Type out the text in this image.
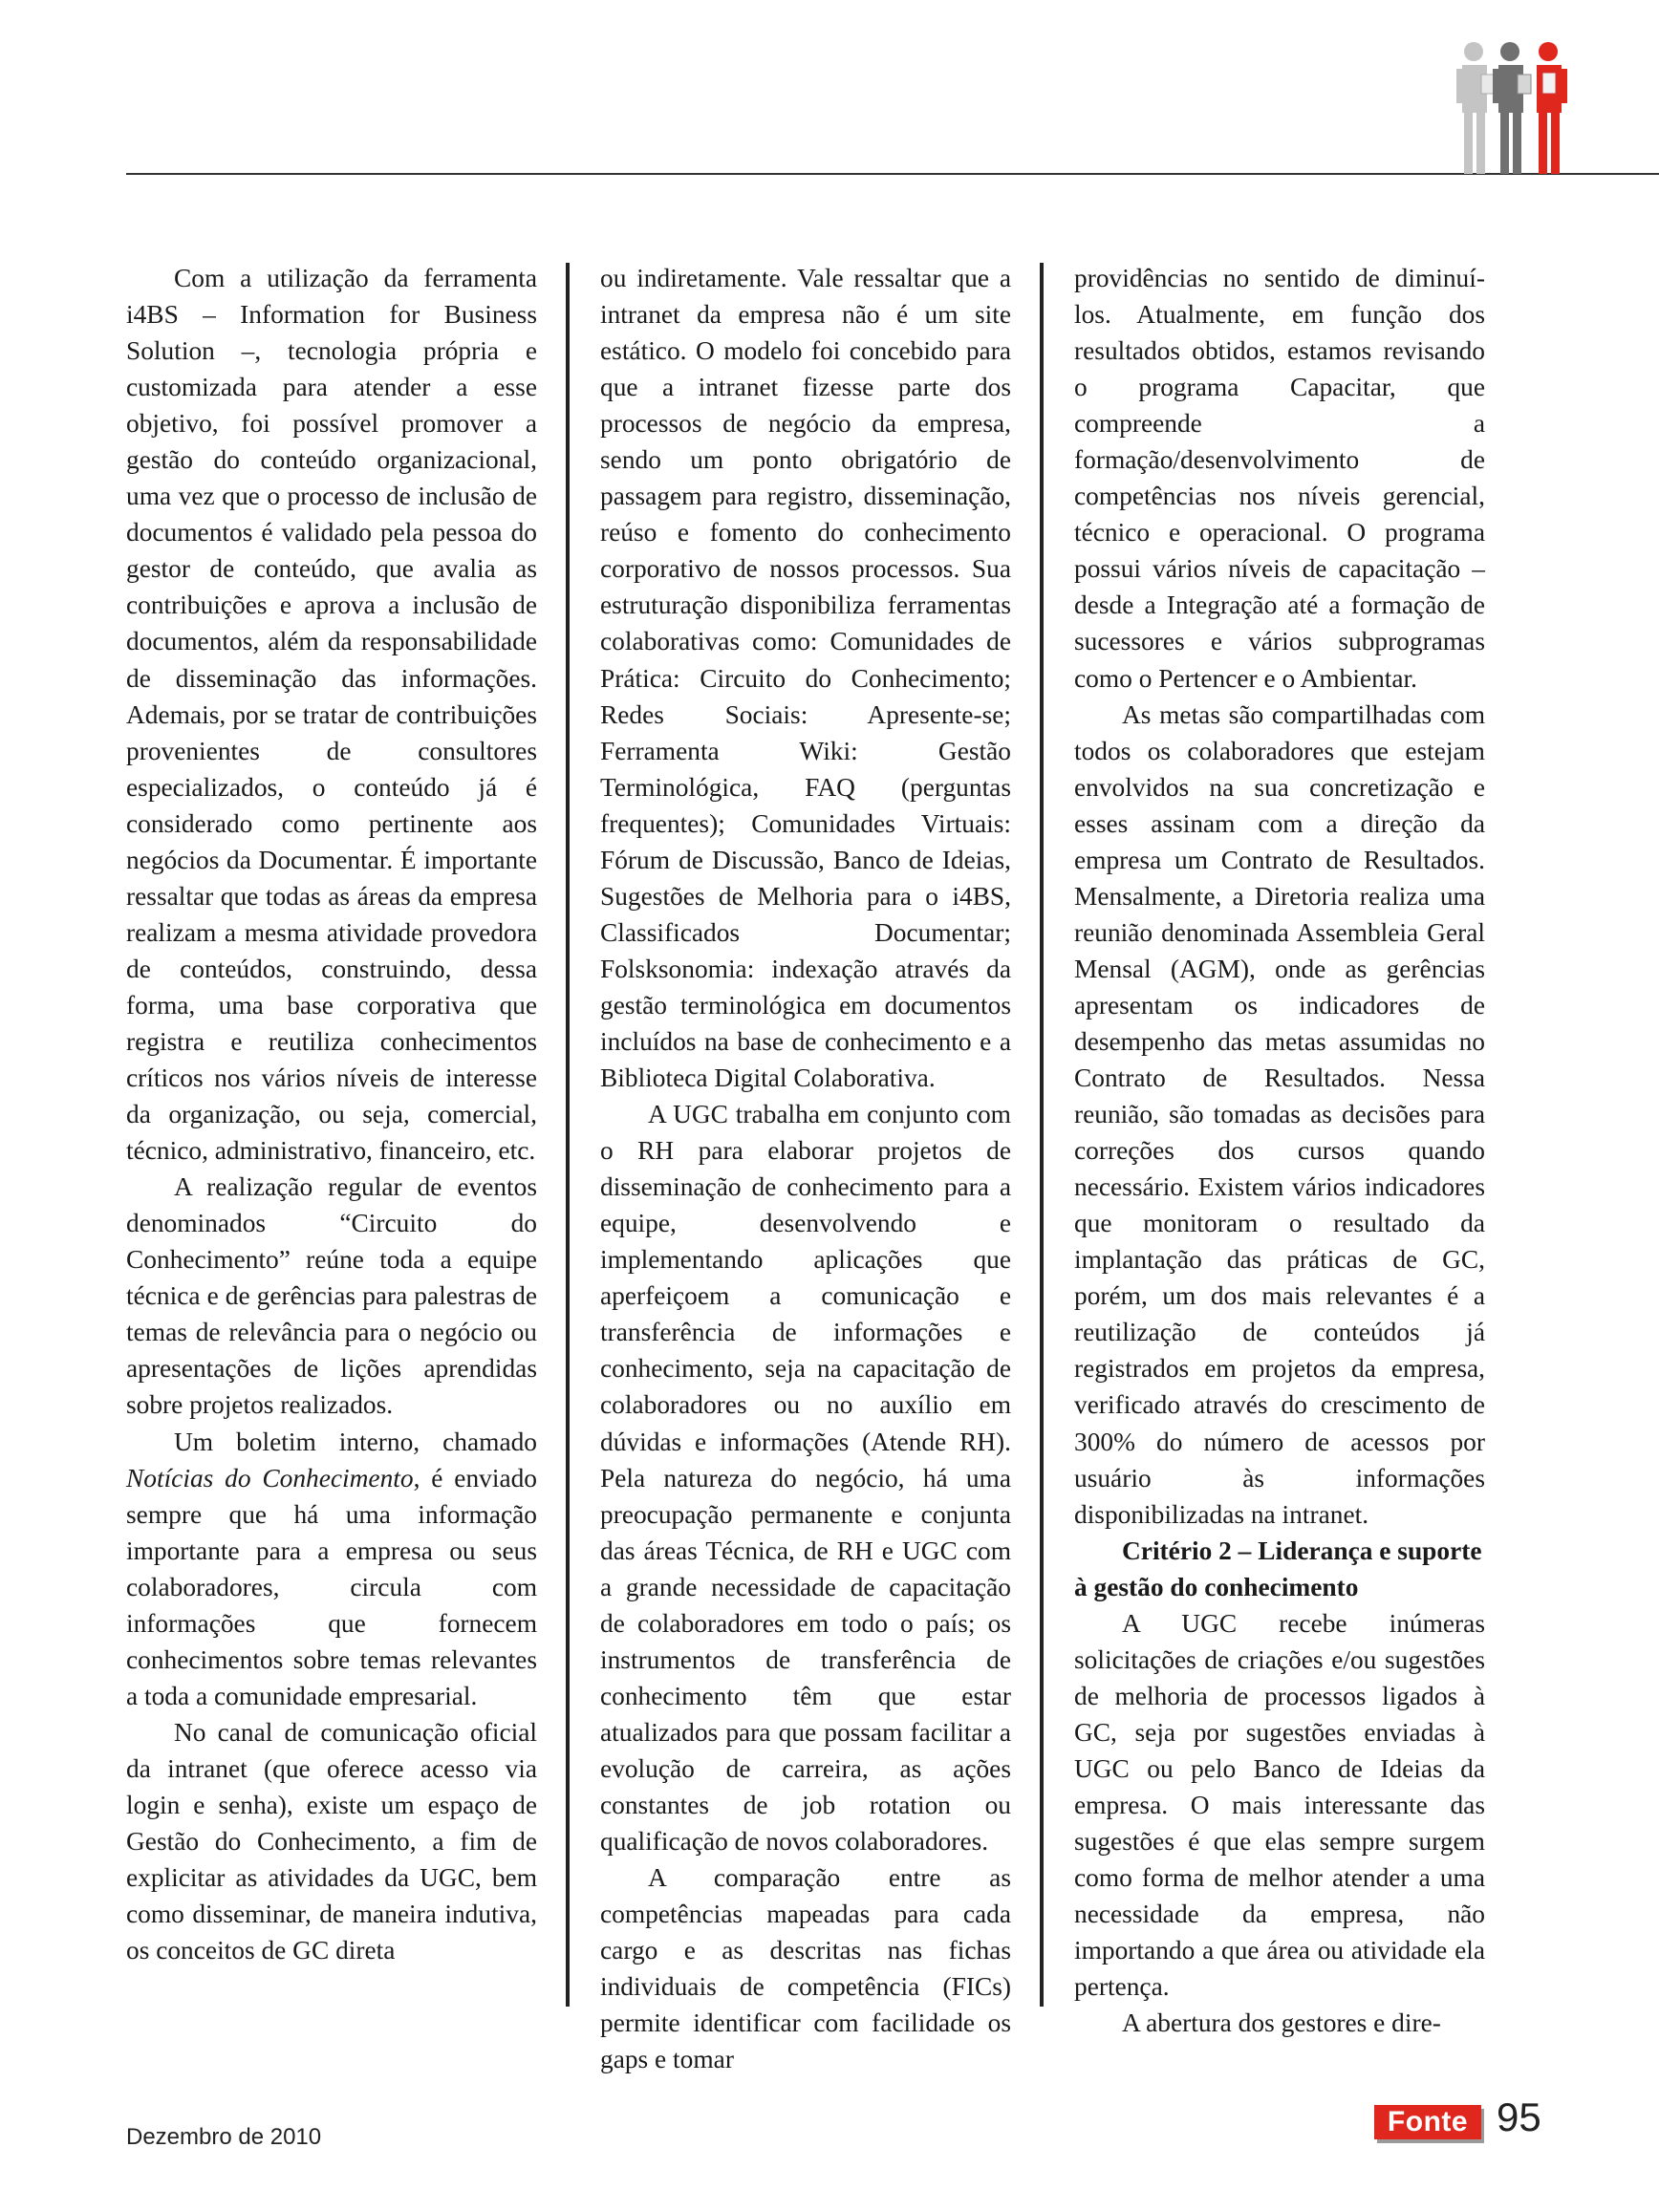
Com a utilização da ferramenta i4BS – Information for Business Solution –, tecnologia própria e customizada para atender a esse objetivo, foi possível promover a gestão do conteúdo organizacional, uma vez que o processo de inclusão de documentos é validado pela pessoa do gestor de conteúdo, que avalia as contribuições e aprova a inclusão de documentos, além da responsabilidade de disseminação das informações. Ademais, por se tratar de contribuições provenientes de consultores especializados, o conteúdo já é considerado como pertinente aos negócios da Documentar. É importante ressaltar que todas as áreas da empresa realizam a mesma atividade provedora de conteúdos, construindo, dessa forma, uma base corporativa que registra e reutiliza conhecimentos críticos nos vários níveis de interesse da organização, ou seja, comercial, técnico, administrativo, financeiro, etc.

A realização regular de eventos denominados “Circuito do Conhecimento” reúne toda a equipe técnica e de gerências para palestras de temas de relevância para o negócio ou apresentações de lições aprendidas sobre projetos realizados.

Um boletim interno, chamado Notícias do Conhecimento, é enviado sempre que há uma informação importante para a empresa ou seus colaboradores, circula com informações que fornecem conhecimentos sobre temas relevantes a toda a comunidade empresarial.

No canal de comunicação oficial da intranet (que oferece acesso via login e senha), existe um espaço de Gestão do Conhecimento, a fim de explicitar as atividades da UGC, bem como disseminar, de maneira indutiva, os conceitos de GC direta

ou indiretamente. Vale ressaltar que a intranet da empresa não é um site estático. O modelo foi concebido para que a intranet fizesse parte dos processos de negócio da empresa, sendo um ponto obrigatório de passagem para registro, disseminação, reúso e fomento do conhecimento corporativo de nossos processos. Sua estruturação disponibiliza ferramentas colaborativas como: Comunidades de Prática: Circuito do Conhecimento; Redes Sociais: Apresente-se; Ferramenta Wiki: Gestão Terminológica, FAQ (perguntas frequentes); Comunidades Virtuais: Fórum de Discussão, Banco de Ideias, Sugestões de Melhoria para o i4BS, Classificados Documentar; Folsksonomia: indexação através da gestão terminológica em documentos incluídos na base de conhecimento e a Biblioteca Digital Colaborativa.

A UGC trabalha em conjunto com o RH para elaborar projetos de disseminação de conhecimento para a equipe, desenvolvendo e implementando aplicações que aperfeiçoem a comunicação e transferência de informações e conhecimento, seja na capacitação de colaboradores ou no auxílio em dúvidas e informações (Atende RH). Pela natureza do negócio, há uma preocupação permanente e conjunta das áreas Técnica, de RH e UGC com a grande necessidade de capacitação de colaboradores em todo o país; os instrumentos de transferência de conhecimento têm que estar atualizados para que possam facilitar a evolução de carreira, as ações constantes de job rotation ou qualificação de novos colaboradores.

A comparação entre as competências mapeadas para cada cargo e as descritas nas fichas individuais de competência (FICs) permite identificar com facilidade os gaps e tomar

providências no sentido de diminuí-los. Atualmente, em função dos resultados obtidos, estamos revisando o programa Capacitar, que compreende a formação/desenvolvimento de competências nos níveis gerencial, técnico e operacional. O programa possui vários níveis de capacitação – desde a Integração até a formação de sucessores e vários subprogramas como o Pertencer e o Ambientar.

As metas são compartilhadas com todos os colaboradores que estejam envolvidos na sua concretização e esses assinam com a direção da empresa um Contrato de Resultados. Mensalmente, a Diretoria realiza uma reunião denominada Assembleia Geral Mensal (AGM), onde as gerências apresentam os indicadores de desempenho das metas assumidas no Contrato de Resultados. Nessa reunião, são tomadas as decisões para correções dos cursos quando necessário. Existem vários indicadores que monitoram o resultado da implantação das práticas de GC, porém, um dos mais relevantes é a reutilização de conteúdos já registrados em projetos da empresa, verificado através do crescimento de 300% do número de acessos por usuário às informações disponibilizadas na intranet.

Critério 2 – Liderança e suporte à gestão do conhecimento

A UGC recebe inúmeras solicitações de criações e/ou sugestões de melhoria de processos ligados à GC, seja por sugestões enviadas à UGC ou pelo Banco de Ideias da empresa. O mais interessante das sugestões é que elas sempre surgem como forma de melhor atender a uma necessidade da empresa, não importando a que área ou atividade ela pertença.

A abertura dos gestores e dire-

Dezembro de 2010	Fonte 95
